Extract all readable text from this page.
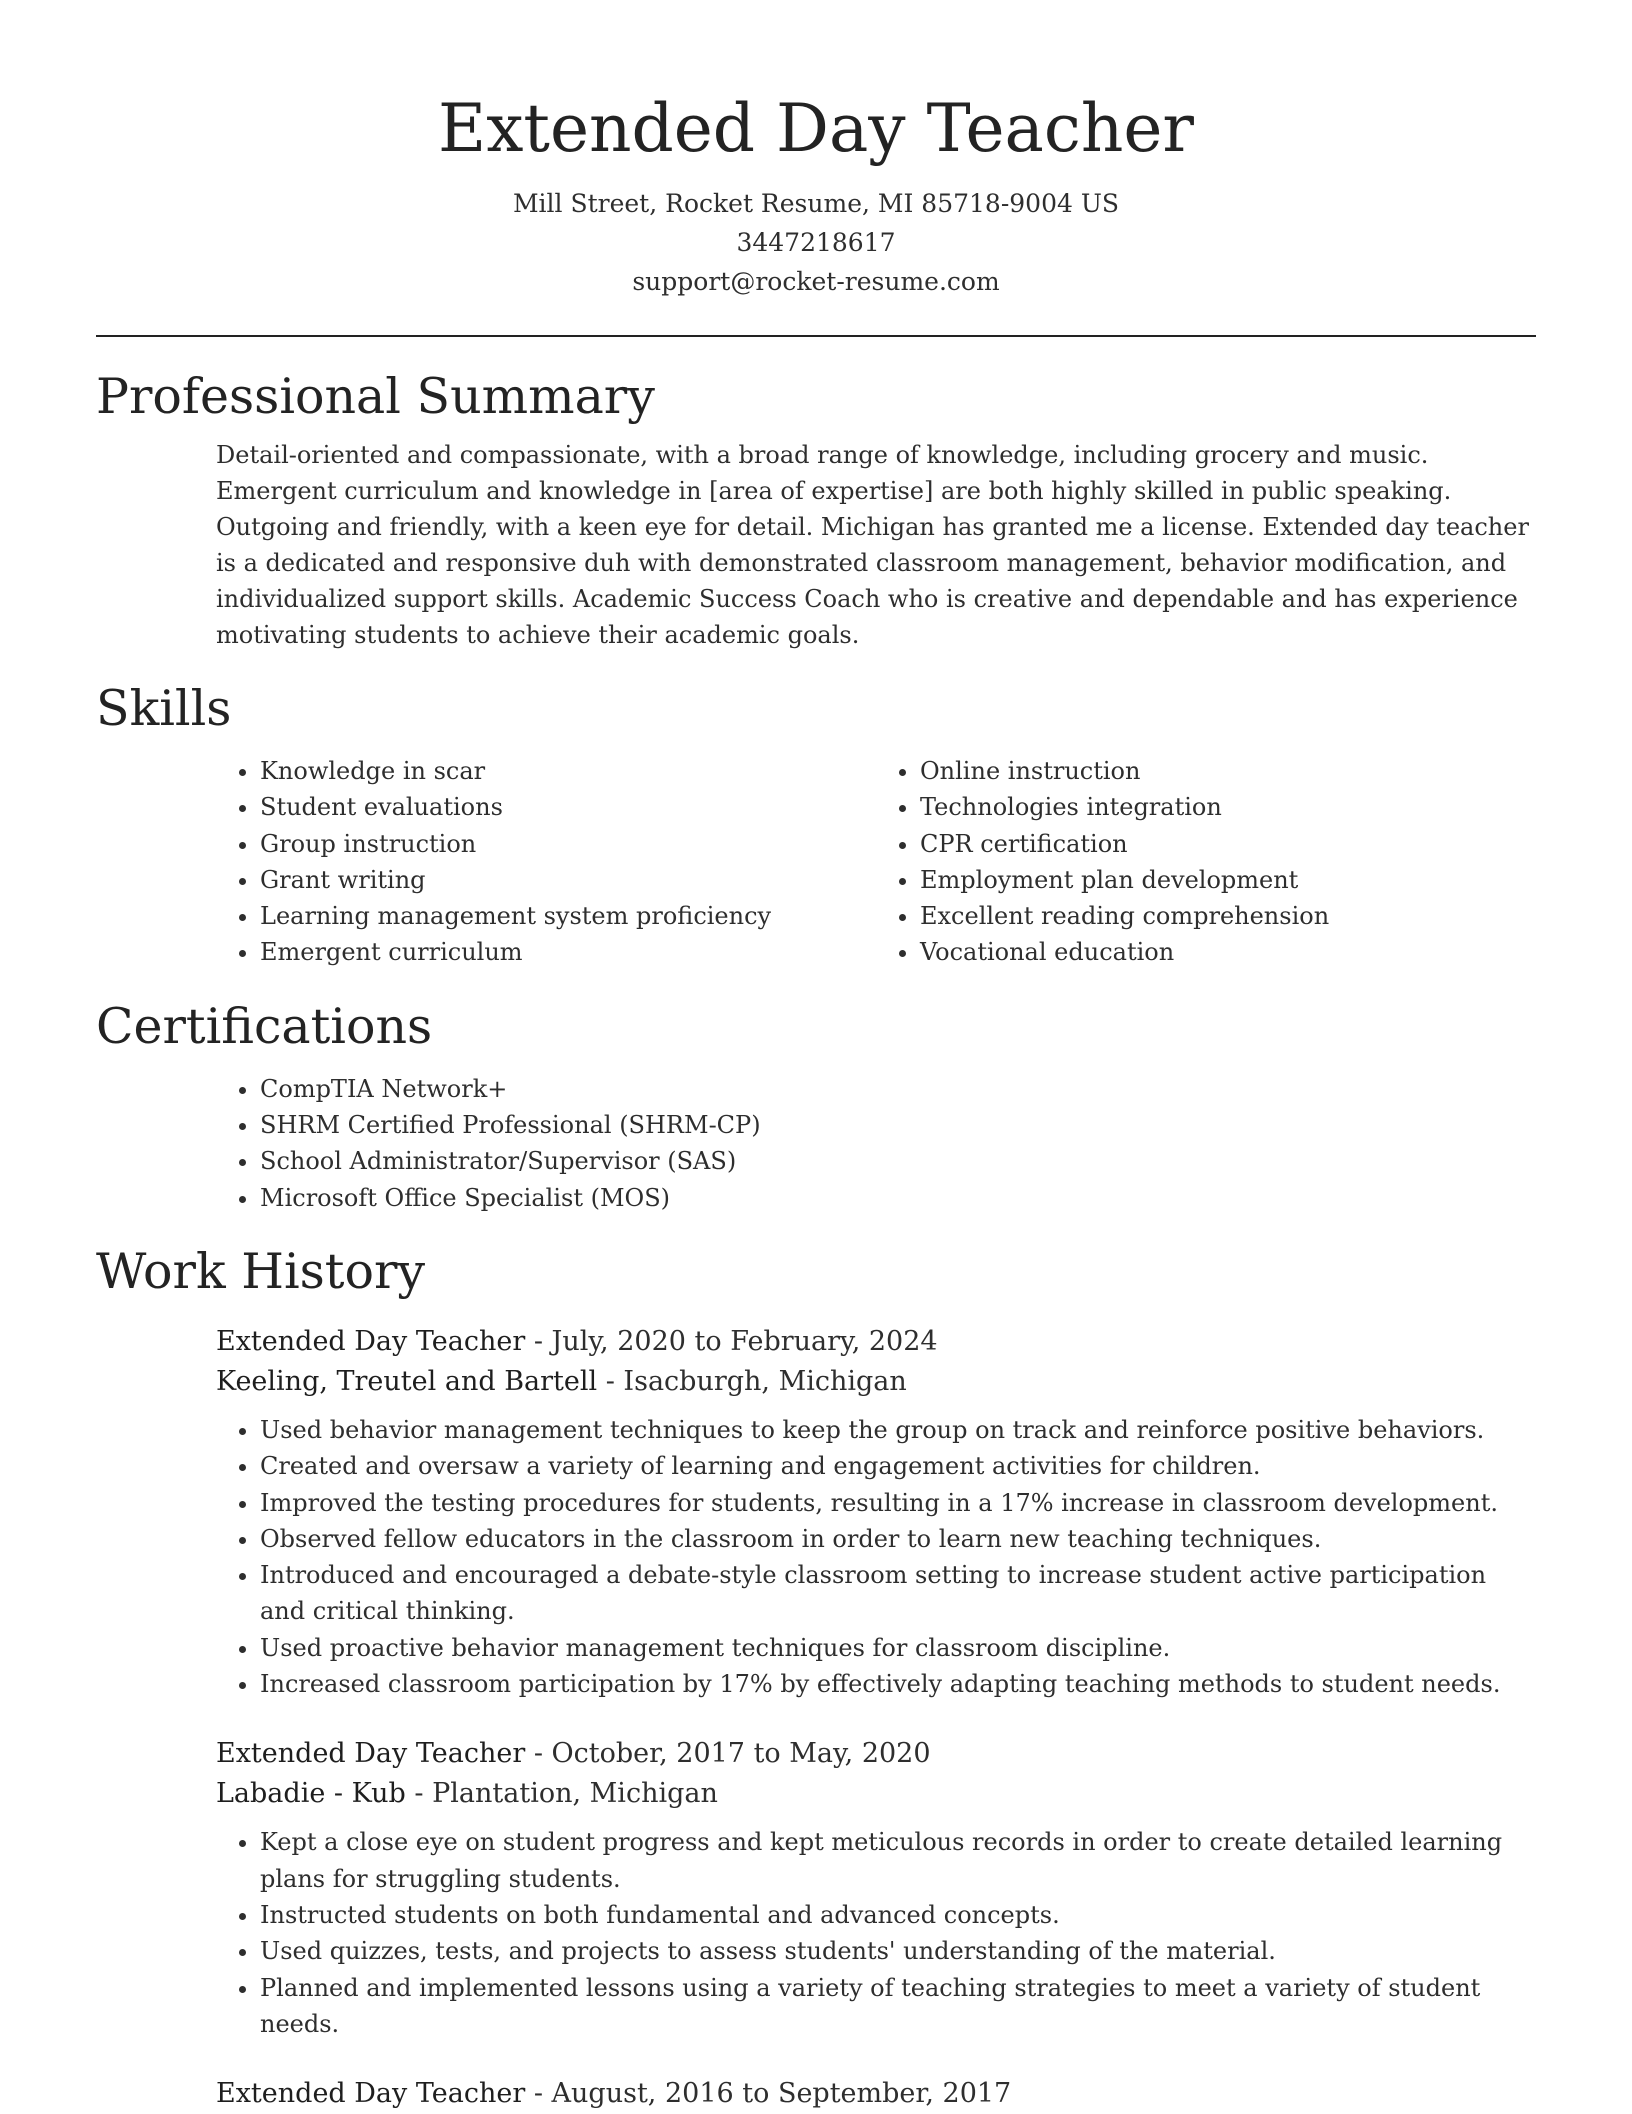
Extended Day Teacher
Mill Street, Rocket Resume, MI 85718-9004 US
3447218617
support@rocket-resume.com
Professional Summary

Detail-oriented and compassionate, with a broad range of knowledge, including grocery and music. Emergent curriculum and knowledge in [area of expertise] are both highly skilled in public speaking. Outgoing and friendly, with a keen eye for detail. Michigan has granted me a license. Extended day teacher is a dedicated and responsive duh with demonstrated classroom management, behavior modification, and individualized support skills. Academic Success Coach who is creative and dependable and has experience motivating students to achieve their academic goals.

Skills
• Knowledge in scar
• Student evaluations
• Group instruction
• Grant writing
• Learning management system proficiency
• Emergent curriculum
• Online instruction
• Technologies integration
• CPR certification
• Employment plan development
• Excellent reading comprehension
• Vocational education
Certifications
• CompTIA Network+
• SHRM Certified Professional (SHRM-CP)
• School Administrator/Supervisor (SAS)
• Microsoft Office Specialist (MOS)
Work History
Extended Day Teacher - July, 2020 to February, 2024
Keeling, Treutel and Bartell - Isacburgh, Michigan
• Used behavior management techniques to keep the group on track and reinforce positive behaviors.
• Created and oversaw a variety of learning and engagement activities for children.
• Improved the testing procedures for students, resulting in a 17% increase in classroom development.
• Observed fellow educators in the classroom in order to learn new teaching techniques.
• Introduced and encouraged a debate-style classroom setting to increase student active participation and critical thinking.
• Used proactive behavior management techniques for classroom discipline.
• Increased classroom participation by 17% by effectively adapting teaching methods to student needs.
Extended Day Teacher - October, 2017 to May, 2020
Labadie - Kub - Plantation, Michigan
• Kept a close eye on student progress and kept meticulous records in order to create detailed learning plans for struggling students.
• Instructed students on both fundamental and advanced concepts.
• Used quizzes, tests, and projects to assess students' understanding of the material.
• Planned and implemented lessons using a variety of teaching strategies to meet a variety of student needs.
Extended Day Teacher - August, 2016 to September, 2017
